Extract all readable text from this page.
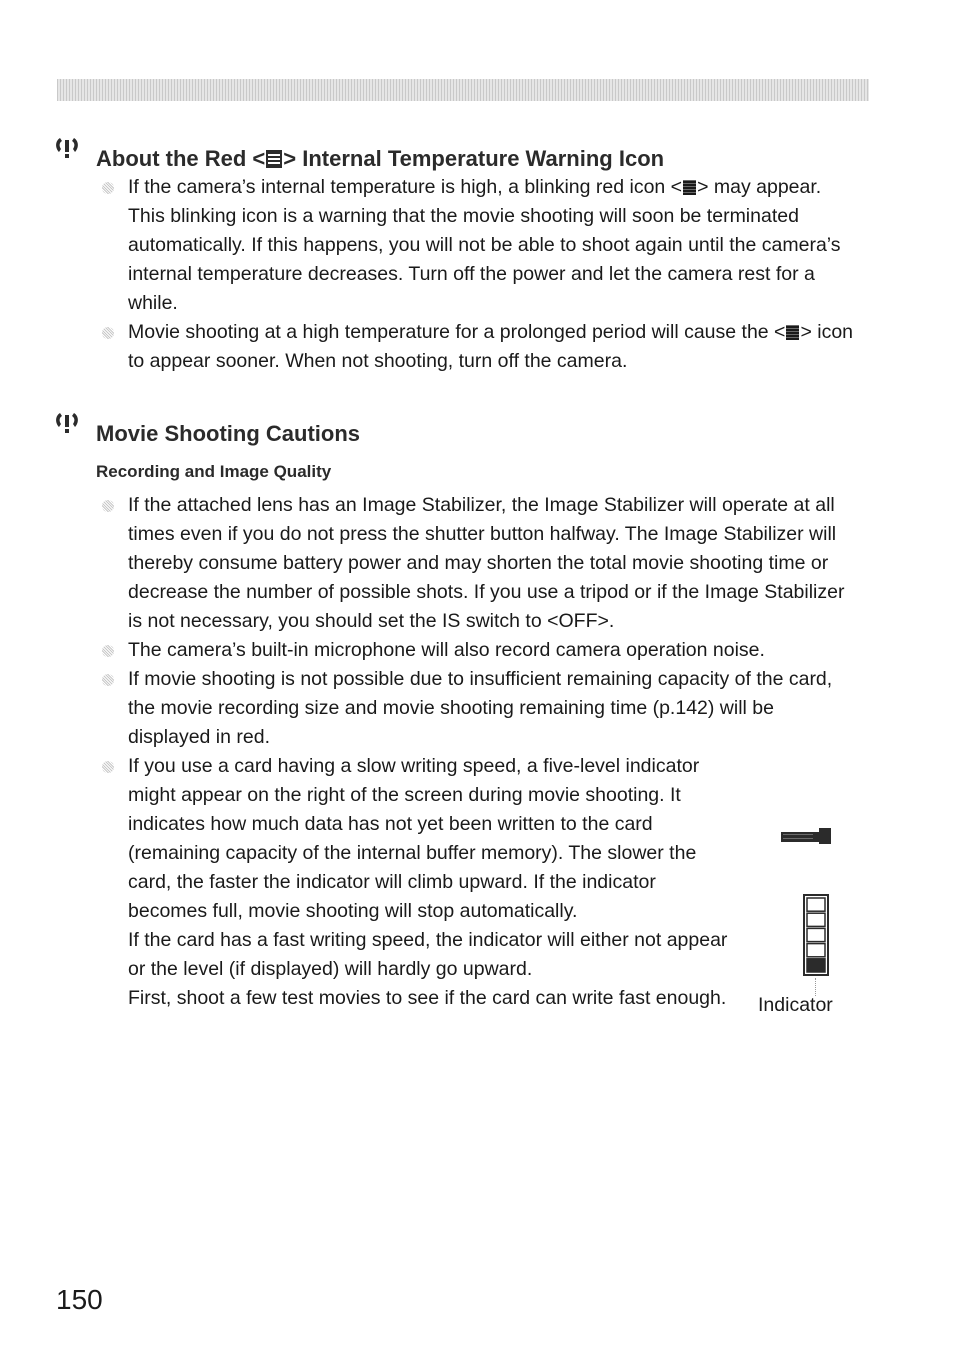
About the Red < > Internal Temperature Warning Icon
If the camera’s internal temperature is high, a blinking red icon < > may appear. This blinking icon is a warning that the movie shooting will soon be terminated automatically. If this happens, you will not be able to shoot again until the camera’s internal temperature decreases. Turn off the power and let the camera rest for a while.
Movie shooting at a high temperature for a prolonged period will cause the < > icon to appear sooner. When not shooting, turn off the camera.
Movie Shooting Cautions
Recording and Image Quality
If the attached lens has an Image Stabilizer, the Image Stabilizer will operate at all times even if you do not press the shutter button halfway. The Image Stabilizer will thereby consume battery power and may shorten the total movie shooting time or decrease the number of possible shots. If you use a tripod or if the Image Stabilizer is not necessary, you should set the IS switch to <OFF>.
The camera’s built-in microphone will also record camera operation noise.
If movie shooting is not possible due to insufficient remaining capacity of the card, the movie recording size and movie shooting remaining time (p.142) will be displayed in red.
If you use a card having a slow writing speed, a five-level indicator might appear on the right of the screen during movie shooting. It indicates how much data has not yet been written to the card (remaining capacity of the internal buffer memory). The slower the card, the faster the indicator will climb upward. If the indicator becomes full, movie shooting will stop automatically.
If the card has a fast writing speed, the indicator will either not appear or the level (if displayed) will hardly go upward.
First, shoot a few test movies to see if the card can write fast enough.	Indicator
150
